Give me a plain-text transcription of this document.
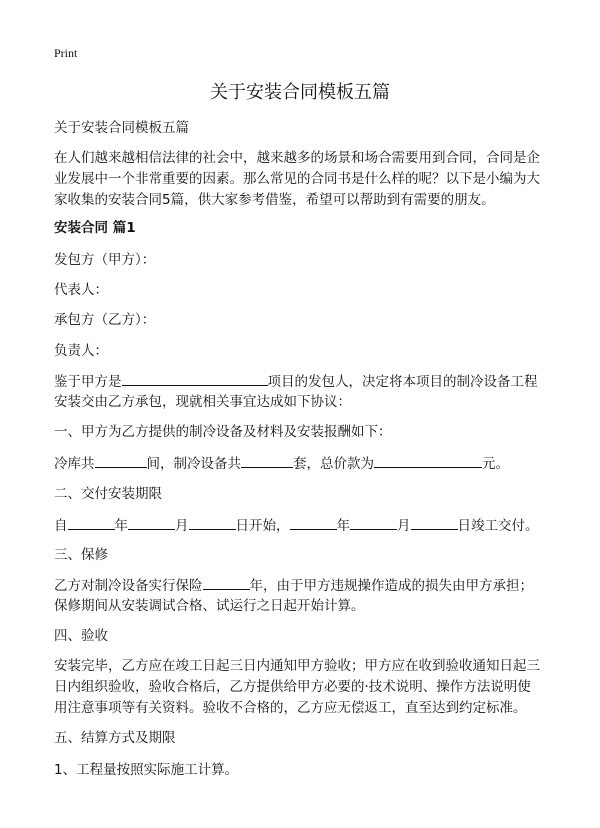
Print
关于安装合同模板五篇
关于安装合同模板五篇
在人们越来越相信法律的社会中，越来越多的场景和场合需要用到合同，合同是企
业发展中一个非常重要的因素。那么常见的合同书是什么样的呢？以下是小编为大
家收集的安装合同5篇，供大家参考借鉴，希望可以帮助到有需要的朋友。
安装合同 篇1
发包方（甲方）：
代表人：
承包方（乙方）：
负责人：
鉴于甲方是	项目的发包人，决定将本项目的制冷设备工程
安装交由乙方承包，现就相关事宜达成如下协议：
一、甲方为乙方提供的制冷设备及材料及安装报酬如下：
冷库共	间，制冷设备共	套，总价款为	元。
二、交付安装期限
自	年	月	日开始，	年	月	日竣工交付。
三、保修
乙方对制冷设备实行保险	年，由于甲方违规操作造成的损失由甲方承担；
保修期间从安装调试合格、试运行之日起开始计算。
四、验收
安装完毕，乙方应在竣工日起三日内通知甲方验收；甲方应在收到验收通知日起三
日内组织验收，验收合格后，乙方提供给甲方必要的·技术说明、操作方法说明使
用注意事项等有关资料。验收不合格的，乙方应无偿返工，直至达到约定标准。
五、结算方式及期限
1、工程量按照实际施工计算。
